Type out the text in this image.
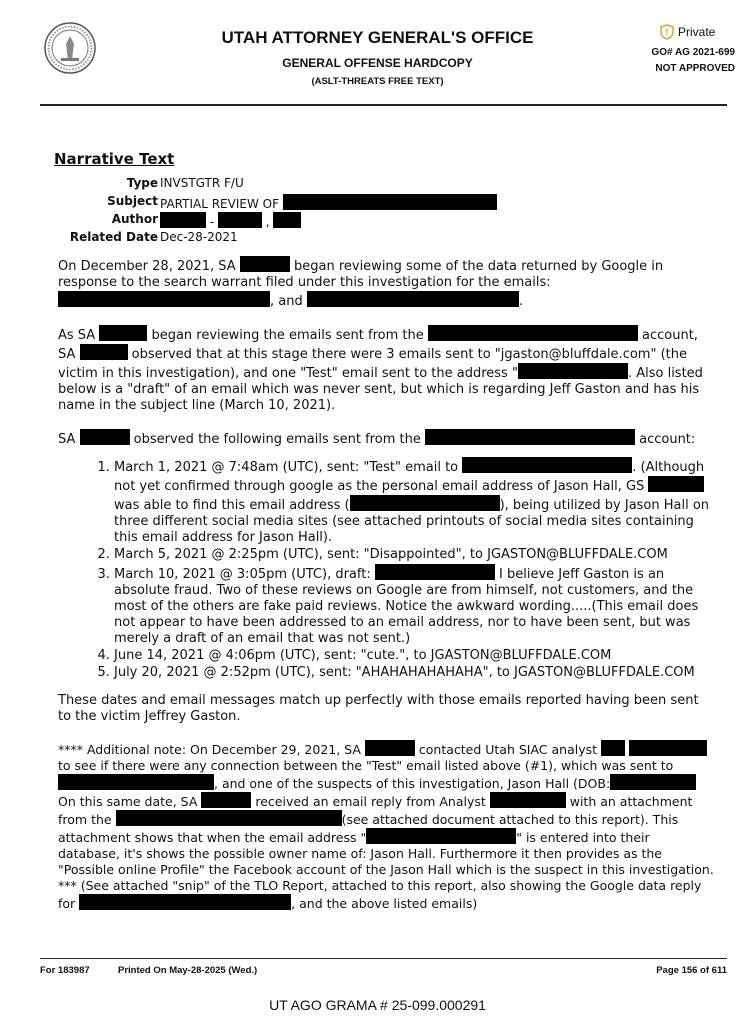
UTAH ATTORNEY GENERAL'S OFFICE
GENERAL OFFENSE HARDCOPY
(ASLT-THREATS FREE TEXT)
! Private
GO# AG 2021-699
NOT APPROVED
Narrative Text
Type INVSTGTR F/U
Subject PARTIAL REVIEW OF
Author	-	,
Related Date Dec-28-2021

On December 28, 2021, SA	began reviewing some of the data returned by Google in response to the search warrant filed under this investigation for the emails: , and	.

As SA	began reviewing the emails sent from the	account, SA	observed that at this stage there were 3 emails sent to "jgaston@bluffdale.com" (the victim in this investigation), and one "Test" email sent to the address "	. Also listed below is a "draft" of an email which was never sent, but which is regarding Jeff Gaston and has his name in the subject line (March 10, 2021).

SA	observed the following emails sent from the	account:

1. March 1, 2021 @ 7:48am (UTC), sent: "Test" email to	. (Although not yet confirmed through google as the personal email address of Jason Hall, GS  was able to find this email address (	), being utilized by Jason Hall on three different social media sites (see attached printouts of social media sites containing this email address for Jason Hall).
2. March 5, 2021 @ 2:25pm (UTC), sent: "Disappointed", to JGASTON@BLUFFDALE.COM
3. March 10, 2021 @ 3:05pm (UTC), draft:	I believe Jeff Gaston is an absolute fraud. Two of these reviews on Google are from himself, not customers, and the most of the others are fake paid reviews. Notice the awkward wording.....(This email does not appear to have been addressed to an email address, nor to have been sent, but was merely a draft of an email that was not sent.)
4. June 14, 2021 @ 4:06pm (UTC), sent: "cute.", to JGASTON@BLUFFDALE.COM
5. July 20, 2021 @ 2:52pm (UTC), sent: "AHAHAHAHAHAHA", to JGASTON@BLUFFDALE.COM

These dates and email messages match up perfectly with those emails reported having been sent to the victim Jeffrey Gaston.

**** Additional note: On December 29, 2021, SA	contacted Utah SIAC analyst   to see if there were any connection between the "Test" email listed above (#1), which was sent to , and one of the suspects of this investigation, Jason Hall (DOB: On this same date, SA	received an email reply from Analyst	with an attachment from the	(see attached document attached to this report). This attachment shows that when the email address "	" is entered into their database, it's shows the possible owner name of: Jason Hall. Furthermore it then provides as the "Possible online Profile" the Facebook account of the Jason Hall which is the suspect in this investigation. *** (See attached "snip" of the TLO Report, attached to this report, also showing the Google data reply for	, and the above listed emails)

For 183987	Printed On May-28-2025 (Wed.)	Page 156 of 611
UT AGO GRAMA # 25-099.000291
